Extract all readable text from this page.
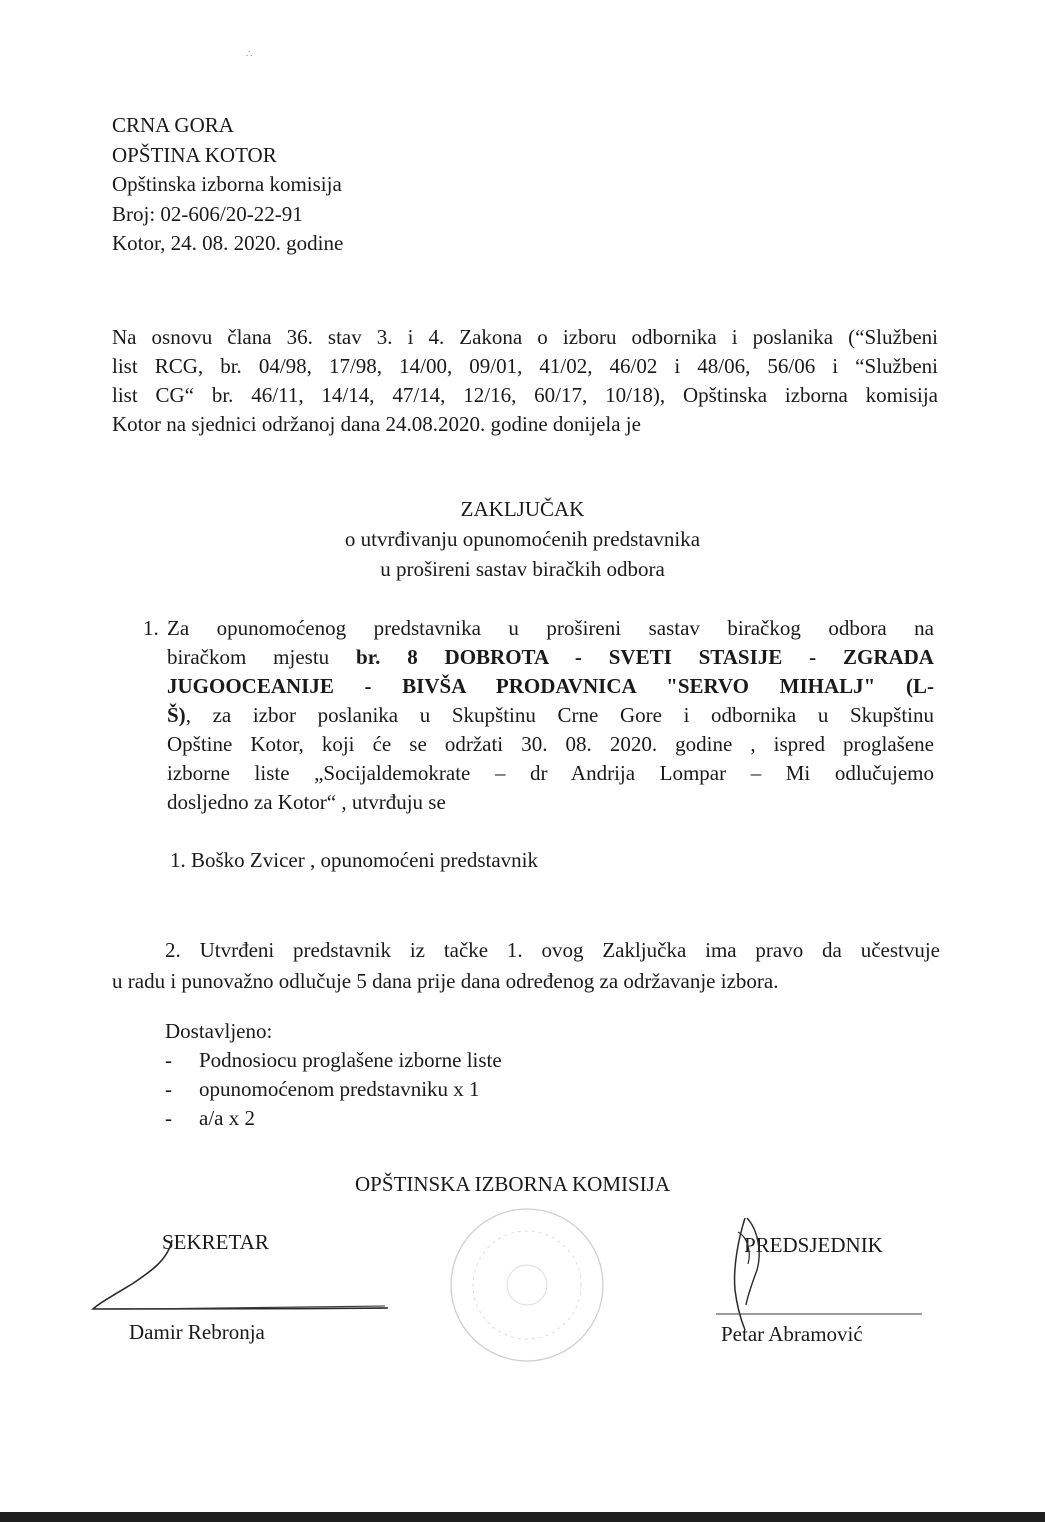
∴

CRNA GORA

OPŠTINA KOTOR

Opštinska izborna komisija

Broj: 02-606/20-22-91

Kotor, 24. 08. 2020. godine

Na osnovu člana 36. stav 3. i 4. Zakona o izboru odbornika i poslanika (“Službeni

list RCG, br. 04/98, 17/98, 14/00, 09/01, 41/02, 46/02 i 48/06, 56/06 i “Službeni

list CG“ br. 46/11, 14/14, 47/14, 12/16, 60/17, 10/18), Opštinska izborna komisija

Kotor na sjednici održanoj dana 24.08.2020. godine donijela je

ZAKLJUČAK

o utvrđivanju opunomoćenih predstavnika

u prošireni sastav biračkih odbora

1. Za opunomoćenog predstavnika u prošireni sastav biračkog odbora na

biračkom mjestu br. 8 DOBROTA - SVETI STASIJE - ZGRADA

JUGOOCEANIJE - BIVŠA PRODAVNICA "SERVO MIHALJ" (L-

Š), za izbor poslanika u Skupštinu Crne Gore i odbornika u Skupštinu

Opštine Kotor, koji će se održati 30. 08. 2020. godine , ispred proglašene

izborne liste „Socijaldemokrate – dr Andrija Lompar – Mi odlučujemo

dosljedno za Kotor“ , utvrđuju se

1. Boško Zvicer , opunomoćeni predstavnik

2. Utvrđeni predstavnik iz tačke 1. ovog Zaključka ima pravo da učestvuje

u radu i punovažno odlučuje 5 dana prije dana određenog za održavanje izbora.

Dostavljeno:

- Podnosiocu proglašene izborne liste

- opunomoćenom predstavniku x 1

- a/a x 2

OPŠTINSKA IZBORNA KOMISIJA

SEKRETAR

Damir Rebronja

PREDSJEDNIK

Petar Abramović
